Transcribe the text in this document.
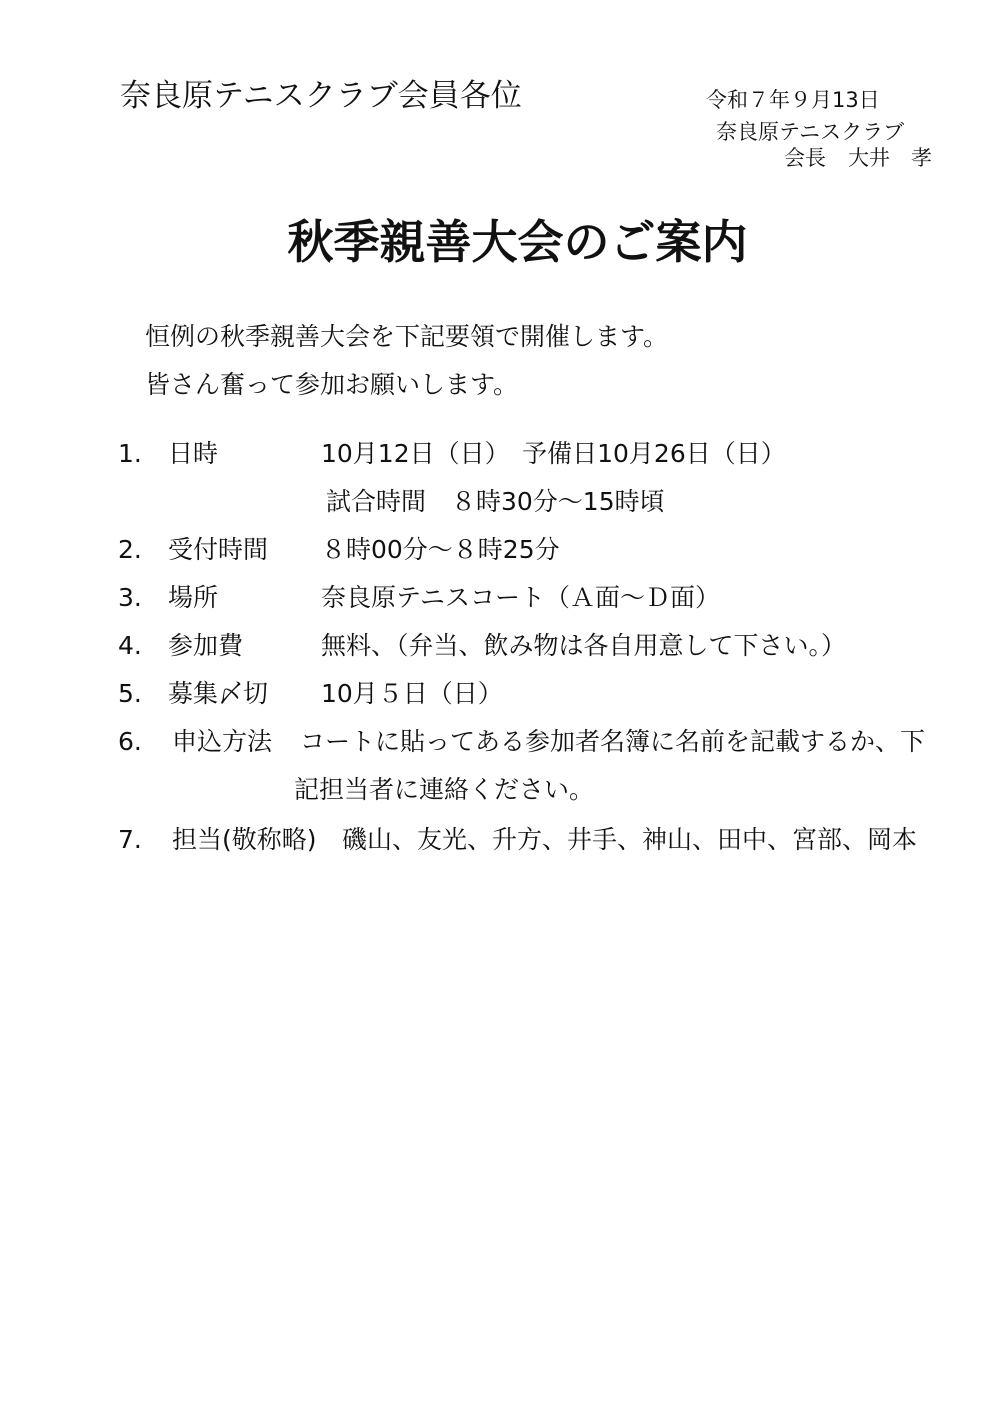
奈良原テニスクラブ会員各位	令和７年９月13日
奈良原テニスクラブ
会長 大井　孝
秋季親善大会のご案内
恒例の秋季親善大会を下記要領で開催します。
皆さん奮って参加お願いします。
1. 日時	10月12日（日）　予備日10月26日（日）
試合時間　８時30分～15時頃
2. 受付時間 ８時00分～８時25分
3. 場所	奈良原テニスコート（Ａ面～Ｄ面）
4. 参加費	無料、（弁当、飲み物は各自用意して下さい。）
5. 募集〆切 10月５日（日）
6. 申込方法 コートに貼ってある参加者名簿に名前を記載するか、下
記担当者に連絡ください。
7. 担当(敬称略) 磯山、友光、升方、井手、神山、田中、宮部、岡本
